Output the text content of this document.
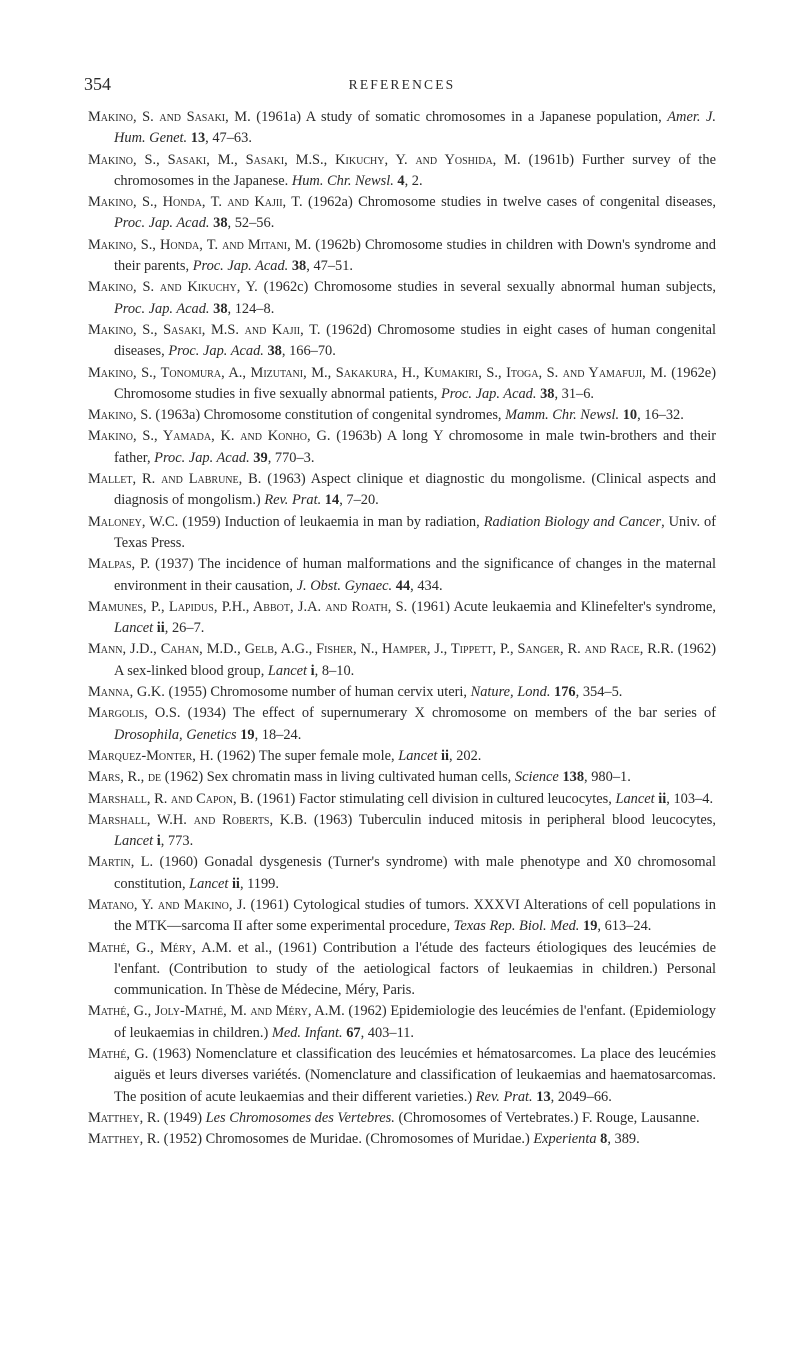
354	REFERENCES

Makino, S. and Sasaki, M. (1961a) A study of somatic chromosomes in a Japanese population, Amer. J. Hum. Genet. 13, 47–63.

Makino, S., Sasaki, M., Sasaki, M.S., Kikuchy, Y. and Yoshida, M. (1961b) Further survey of the chromosomes in the Japanese. Hum. Chr. Newsl. 4, 2.

Makino, S., Honda, T. and Kajii, T. (1962a) Chromosome studies in twelve cases of congenital diseases, Proc. Jap. Acad. 38, 52–56.

Makino, S., Honda, T. and Mitani, M. (1962b) Chromosome studies in children with Down's syndrome and their parents, Proc. Jap. Acad. 38, 47–51.

Makino, S. and Kikuchy, Y. (1962c) Chromosome studies in several sexually abnormal human subjects, Proc. Jap. Acad. 38, 124–8.

Makino, S., Sasaki, M.S. and Kajii, T. (1962d) Chromosome studies in eight cases of human congenital diseases, Proc. Jap. Acad. 38, 166–70.

Makino, S., Tonomura, A., Mizutani, M., Sakakura, H., Kumakiri, S., Itoga, S. and Yamafuji, M. (1962e) Chromosome studies in five sexually abnormal patients, Proc. Jap. Acad. 38, 31–6.

Makino, S. (1963a) Chromosome constitution of congenital syndromes, Mamm. Chr. Newsl. 10, 16–32.

Makino, S., Yamada, K. and Konho, G. (1963b) A long Y chromosome in male twin-brothers and their father, Proc. Jap. Acad. 39, 770–3.

Mallet, R. and Labrune, B. (1963) Aspect clinique et diagnostic du mongolisme. (Clinical aspects and diagnosis of mongolism.) Rev. Prat. 14, 7–20.

Maloney, W.C. (1959) Induction of leukaemia in man by radiation, Radiation Biology and Cancer, Univ. of Texas Press.

Malpas, P. (1937) The incidence of human malformations and the significance of changes in the maternal environment in their causation, J. Obst. Gynaec. 44, 434.

Mamunes, P., Lapidus, P.H., Abbot, J.A. and Roath, S. (1961) Acute leukaemia and Klinefelter's syndrome, Lancet ii, 26–7.

Mann, J.D., Cahan, M.D., Gelb, A.G., Fisher, N., Hamper, J., Tippett, P., Sanger, R. and Race, R.R. (1962) A sex-linked blood group, Lancet i, 8–10.

Manna, G.K. (1955) Chromosome number of human cervix uteri, Nature, Lond. 176, 354–5.

Margolis, O.S. (1934) The effect of supernumerary X chromosome on members of the bar series of Drosophila, Genetics 19, 18–24.

Marquez-Monter, H. (1962) The super female mole, Lancet ii, 202.

Mars, R., de (1962) Sex chromatin mass in living cultivated human cells, Science 138, 980–1.

Marshall, R. and Capon, B. (1961) Factor stimulating cell division in cultured leucocytes, Lancet ii, 103–4.

Marshall, W.H. and Roberts, K.B. (1963) Tuberculin induced mitosis in peripheral blood leucocytes, Lancet i, 773.

Martin, L. (1960) Gonadal dysgenesis (Turner's syndrome) with male phenotype and X0 chromosomal constitution, Lancet ii, 1199.

Matano, Y. and Makino, J. (1961) Cytological studies of tumors. XXXVI Alterations of cell populations in the MTK—sarcoma II after some experimental procedure, Texas Rep. Biol. Med. 19, 613–24.

Mathé, G., Méry, A.M. et al., (1961) Contribution a l'étude des facteurs étiologiques des leucémies de l'enfant. (Contribution to study of the aetiological factors of leukaemias in children.) Personal communication. In Thèse de Médecine, Méry, Paris.

Mathé, G., Joly-Mathé, M. and Méry, A.M. (1962) Epidemiologie des leucémies de l'enfant. (Epidemiology of leukaemias in children.) Med. Infant. 67, 403–11.

Mathé, G. (1963) Nomenclature et classification des leucémies et hématosarcomes. La place des leucémies aiguës et leurs diverses variétés. (Nomenclature and classification of leukaemias and haematosarcomas. The position of acute leukaemias and their different varieties.) Rev. Prat. 13, 2049–66.

Matthey, R. (1949) Les Chromosomes des Vertebres. (Chromosomes of Vertebrates.) F. Rouge, Lausanne.

Matthey, R. (1952) Chromosomes de Muridae. (Chromosomes of Muridae.) Experienta 8, 389.
